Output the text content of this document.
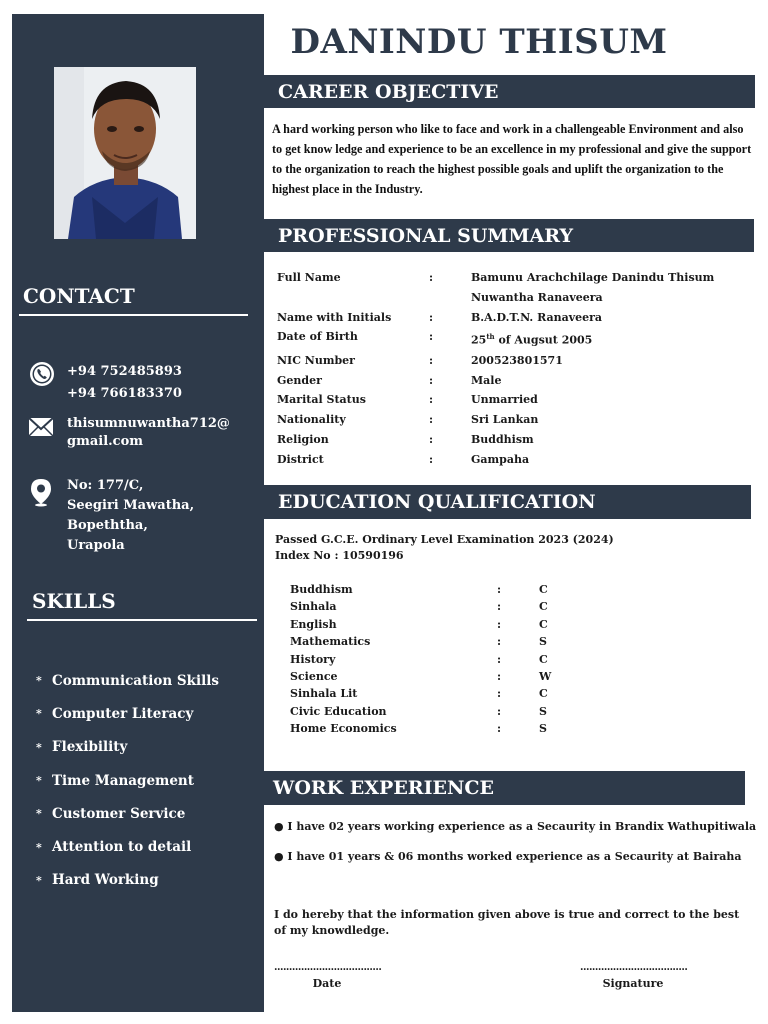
CONTACT
+94 752485893
+94 766183370
thisumnuwantha712@
gmail.com
No: 177/C,
Seegiri Mawatha,
Bopeththa,
Urapola
SKILLS
* Communication Skills
* Computer Literacy
* Flexibility
* Time Management
* Customer Service
* Attention to detail
* Hard Working
DANINDU THISUM
CAREER OBJECTIVE
A hard working person who like to face and work in a challengeable Environment and also to get know ledge and experience to be an excellence in my professional and give the support to the organization to reach the highest possible goals and uplift the organization to the highest place in the Industry.
PROFESSIONAL SUMMARY
Full Name	:	Bamunu Arachchilage Danindu Thisum
Nuwantha Ranaveera
Name with Initials	:	B.A.D.T.N. Ranaveera
Date of Birth	:	25th of Augsut 2005
NIC Number	:	200523801571
Gender	:	Male
Marital Status	:	Unmarried
Nationality	:	Sri Lankan
Religion	:	Buddhism
District	:	Gampaha
EDUCATION QUALIFICATION
Passed G.C.E. Ordinary Level Examination 2023 (2024)
Index No : 10590196
Buddhism	:	C
Sinhala	:	C
English	:	C
Mathematics	:	S
History	:	C
Science	:	W
Sinhala Lit	:	C
Civic Education	:	S
Home Economics	:	S
WORK EXPERIENCE
● I have 02 years working experience as a Secaurity in Brandix Wathupitiwala
● I have 01 years & 06 months worked experience as a Secaurity at Bairaha
I do hereby that the information given above is true and correct to the best of my knowdledge.
....................................
Date
....................................
Signature
